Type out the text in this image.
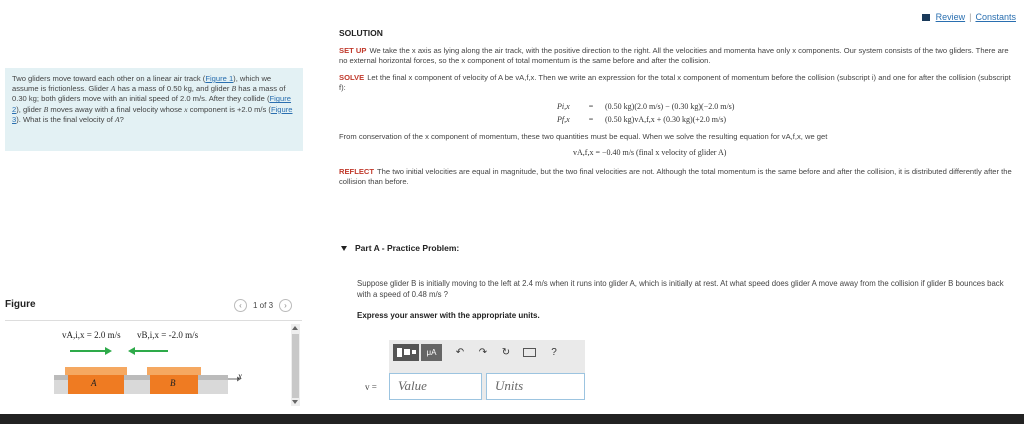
Review | Constants
Two gliders move toward each other on a linear air track (Figure 1), which we assume is frictionless. Glider A has a mass of 0.50 kg, and glider B has a mass of 0.30 kg; both gliders move with an initial speed of 2.0 m/s. After they collide (Figure 2), glider B moves away with a final velocity whose x component is +2.0 m/s (Figure 3). What is the final velocity of A?
Figure	‹	1 of 3	›
vA,i,x = 2.0 m/s vB,i,x = -2.0 m/s
A	B
x
SOLUTION
SET UP We take the x axis as lying along the air track, with the positive direction to the right. All the velocities and momenta have only x components. Our system consists of the two gliders. There are no external horizontal forces, so the x component of total momentum is the same before and after the collision.
SOLVE Let the final x component of velocity of A be vA,f,x. Then we write an expression for the total x component of momentum before the collision (subscript i) and one for after the collision (subscript f):
Pi,x	=	(0.50 kg)(2.0 m/s) − (0.30 kg)(−2.0 m/s)
Pf,x	=	(0.50 kg)vA,f,x + (0.30 kg)(+2.0 m/s)
From conservation of the x component of momentum, these two quantities must be equal. When we solve the resulting equation for vA,f,x, we get
vA,f,x = −0.40 m/s (final x velocity of glider A)
REFLECT The two initial velocities are equal in magnitude, but the two final velocities are not. Although the total momentum is the same before and after the collision, it is distributed differently after the collision than before.
Part A - Practice Problem:
Suppose glider B is initially moving to the left at 2.4 m/s when it runs into glider A, which is initially at rest. At what speed does glider A move away from the collision if glider B bounces back with a speed of 0.48 m/s ?
Express your answer with the appropriate units.
μA	↶ ↷ ↻	?
v =	Value	Units
